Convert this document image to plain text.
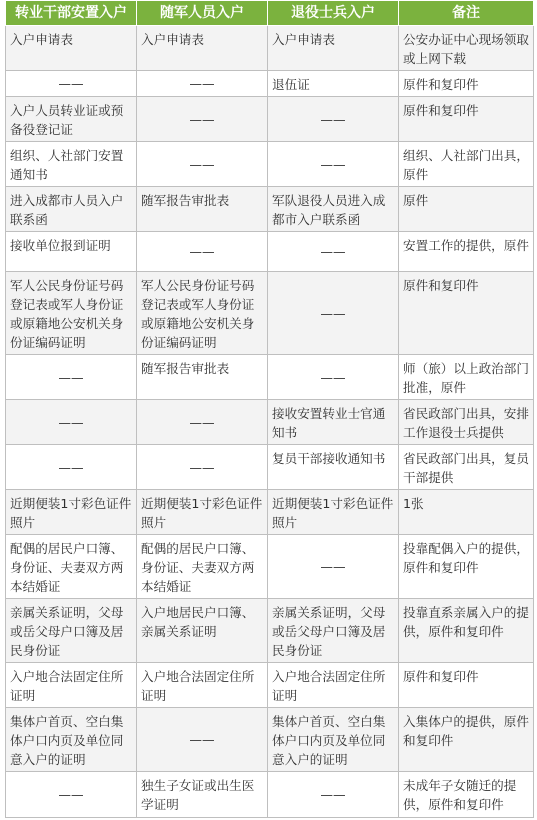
转业干部安置入户	随军人员入户	退役士兵入户	备注
入户申请表	入户申请表	入户申请表	公安办证中心现场领取或上网下载
——	——	退伍证	原件和复印件
入户人员转业证或预备役登记证	——	——	原件和复印件
组织、人社部门安置通知书	——	——	组织、人社部门出具，原件
进入成都市人员入户联系函	随军报告审批表	军队退役人员进入成都市入户联系函	原件
接收单位报到证明	——	——	安置工作的提供，原件
军人公民身份证号码登记表或军人身份证或原籍地公安机关身份证编码证明	军人公民身份证号码登记表或军人身份证或原籍地公安机关身份证编码证明	——	原件和复印件
——	随军报告审批表	——	师（旅）以上政治部门批准，原件
——	——	接收安置转业士官通知书	省民政部门出具，安排工作退役士兵提供
——	——	复员干部接收通知书	省民政部门出具，复员干部提供
近期便装1寸彩色证件照片	近期便装1寸彩色证件照片	近期便装1寸彩色证件照片	1张
配偶的居民户口簿、身份证、夫妻双方两本结婚证	配偶的居民户口簿、身份证、夫妻双方两本结婚证	——	投靠配偶入户的提供，原件和复印件
亲属关系证明，父母或岳父母户口簿及居民身份证	入户地居民户口簿、亲属关系证明	亲属关系证明，父母或岳父母户口簿及居民身份证	投靠直系亲属入户的提供，原件和复印件
入户地合法固定住所证明	入户地合法固定住所证明	入户地合法固定住所证明	原件和复印件
集体户首页、空白集体户口内页及单位同意入户的证明	——	集体户首页、空白集体户口内页及单位同意入户的证明	入集体户的提供，原件和复印件
——	独生子女证或出生医学证明	——	未成年子女随迁的提供，原件和复印件
